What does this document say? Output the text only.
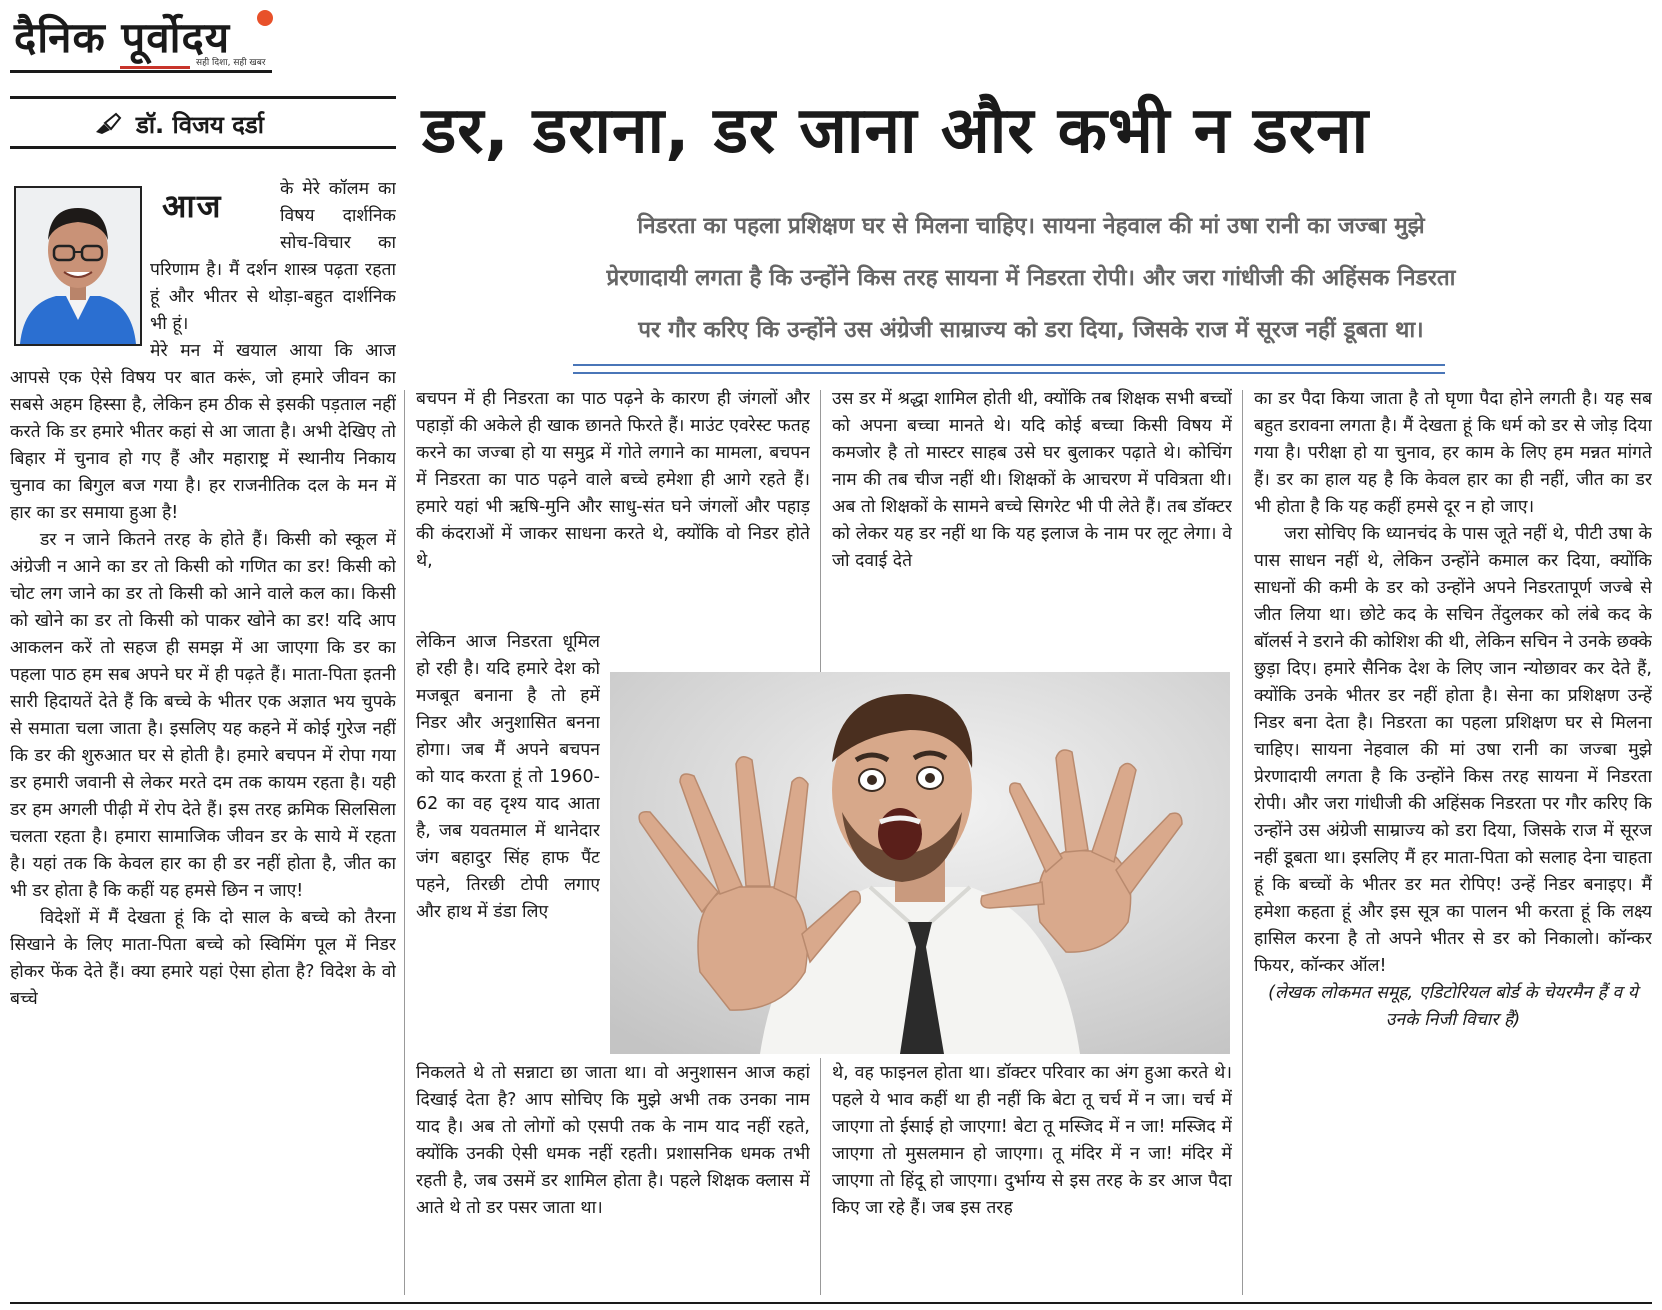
दैनिक पूर्वोदय
सही दिशा, सही खबर
डॉ. विजय दर्डा	डर, डराना, डर जाना और कभी न डरना
निडरता का पहला प्रशिक्षण घर से मिलना चाहिए। सायना नेहवाल की मां उषा रानी का जज्बा मुझे
प्रेरणादायी लगता है कि उन्होंने किस तरह सायना में निडरता रोपी। और जरा गांधीजी की अहिंसक निडरता
पर गौर करिए कि उन्होंने उस अंग्रेजी साम्राज्य को डरा दिया, जिसके राज में सूरज नहीं डूबता था।
आज	के मेरे कॉलम का विषय दार्शनिक सोच-विचार का परिणाम है। मैं दर्शन शास्त्र पढ़ता रहता हूं और भीतर से थोड़ा-बहुत दार्शनिक भी हूं।

मेरे मन में खयाल आया कि आज आपसे एक ऐसे विषय पर बात करूं, जो हमारे जीवन का सबसे अहम हिस्सा है, लेकिन हम ठीक से इसकी पड़ताल नहीं करते कि डर हमारे भीतर कहां से आ जाता है। अभी देखिए तो बिहार में चुनाव हो गए हैं और महाराष्ट्र में स्थानीय निकाय चुनाव का बिगुल बज गया है। हर राजनीतिक दल के मन में हार का डर समाया हुआ है!

डर न जाने कितने तरह के होते हैं। किसी को स्कूल में अंग्रेजी न आने का डर तो किसी को गणित का डर! किसी को चोट लग जाने का डर तो किसी को आने वाले कल का। किसी को खोने का डर तो किसी को पाकर खोने का डर! यदि आप आकलन करें तो सहज ही समझ में आ जाएगा कि डर का पहला पाठ हम सब अपने घर में ही पढ़ते हैं। माता-पिता इतनी सारी हिदायतें देते हैं कि बच्चे के भीतर एक अज्ञात भय चुपके से समाता चला जाता है। इसलिए यह कहने में कोई गुरेज नहीं कि डर की शुरुआत घर से होती है। हमारे बचपन में रोपा गया डर हमारी जवानी से लेकर मरते दम तक कायम रहता है। यही डर हम अगली पीढ़ी में रोप देते हैं। इस तरह क्रमिक सिलसिला चलता रहता है। हमारा सामाजिक जीवन डर के साये में रहता है। यहां तक कि केवल हार का ही डर नहीं होता है, जीत का भी डर होता है कि कहीं यह हमसे छिन न जाए!

विदेशों में मैं देखता हूं कि दो साल के बच्चे को तैरना सिखाने के लिए माता-पिता बच्चे को स्विमिंग पूल में निडर होकर फेंक देते हैं। क्या हमारे यहां ऐसा होता है? विदेश के वो बच्चे

बचपन में ही निडरता का पाठ पढ़ने के कारण ही जंगलों और पहाड़ों की अकेले ही खाक छानते फिरते हैं। माउंट एवरेस्ट फतह करने का जज्बा हो या समुद्र में गोते लगाने का मामला, बचपन में निडरता का पाठ पढ़ने वाले बच्चे हमेशा ही आगे रहते हैं। हमारे यहां भी ऋषि-मुनि और साधु-संत घने जंगलों और पहाड़ की कंदराओं में जाकर साधना करते थे, क्योंकि वो निडर होते थे,

लेकिन आज निडरता धूमिल हो रही है। यदि हमारे देश को मजबूत बनाना है तो हमें निडर और अनुशासित बनना होगा। जब मैं अपने बचपन को याद करता हूं तो 1960-62 का वह दृश्य याद आता है, जब यवतमाल में थानेदार जंग बहादुर सिंह हाफ पैंट पहने, तिरछी टोपी लगाए और हाथ में डंडा लिए

निकलते थे तो सन्नाटा छा जाता था। वो अनुशासन आज कहां दिखाई देता है? आप सोचिए कि मुझे अभी तक उनका नाम याद है। अब तो लोगों को एसपी तक के नाम याद नहीं रहते, क्योंकि उनकी ऐसी धमक नहीं रहती। प्रशासनिक धमक तभी रहती है, जब उसमें डर शामिल होता है। पहले शिक्षक क्लास में आते थे तो डर पसर जाता था।

उस डर में श्रद्धा शामिल होती थी, क्योंकि तब शिक्षक सभी बच्चों को अपना बच्चा मानते थे। यदि कोई बच्चा किसी विषय में कमजोर है तो मास्टर साहब उसे घर बुलाकर पढ़ाते थे। कोचिंग नाम की तब चीज नहीं थी। शिक्षकों के आचरण में पवित्रता थी। अब तो शिक्षकों के सामने बच्चे सिगरेट भी पी लेते हैं। तब डॉक्टर को लेकर यह डर नहीं था कि यह इलाज के नाम पर लूट लेगा। वे जो दवाई देते

थे, वह फाइनल होता था। डॉक्टर परिवार का अंग हुआ करते थे। पहले ये भाव कहीं था ही नहीं कि बेटा तू चर्च में न जा। चर्च में जाएगा तो ईसाई हो जाएगा! बेटा तू मस्जिद में न जा! मस्जिद में जाएगा तो मुसलमान हो जाएगा। तू मंदिर में न जा! मंदिर में जाएगा तो हिंदू हो जाएगा। दुर्भाग्य से इस तरह के डर आज पैदा किए जा रहे हैं। जब इस तरह

का डर पैदा किया जाता है तो घृणा पैदा होने लगती है। यह सब बहुत डरावना लगता है। मैं देखता हूं कि धर्म को डर से जोड़ दिया गया है। परीक्षा हो या चुनाव, हर काम के लिए हम मन्नत मांगते हैं। डर का हाल यह है कि केवल हार का ही नहीं, जीत का डर भी होता है कि यह कहीं हमसे दूर न हो जाए।

जरा सोचिए कि ध्यानचंद के पास जूते नहीं थे, पीटी उषा के पास साधन नहीं थे, लेकिन उन्होंने कमाल कर दिया, क्योंकि साधनों की कमी के डर को उन्होंने अपने निडरतापूर्ण जज्बे से जीत लिया था। छोटे कद के सचिन तेंदुलकर को लंबे कद के बॉलर्स ने डराने की कोशिश की थी, लेकिन सचिन ने उनके छक्के छुड़ा दिए। हमारे सैनिक देश के लिए जान न्योछावर कर देते हैं, क्योंकि उनके भीतर डर नहीं होता है। सेना का प्रशिक्षण उन्हें निडर बना देता है। निडरता का पहला प्रशिक्षण घर से मिलना चाहिए। सायना नेहवाल की मां उषा रानी का जज्बा मुझे प्रेरणादायी लगता है कि उन्होंने किस तरह सायना में निडरता रोपी। और जरा गांधीजी की अहिंसक निडरता पर गौर करिए कि उन्होंने उस अंग्रेजी साम्राज्य को डरा दिया, जिसके राज में सूरज नहीं डूबता था। इसलिए मैं हर माता-पिता को सलाह देना चाहता हूं कि बच्चों के भीतर डर मत रोपिए! उन्हें निडर बनाइए। मैं हमेशा कहता हूं और इस सूत्र का पालन भी करता हूं कि लक्ष्य हासिल करना है तो अपने भीतर से डर को निकालो। कॉन्कर फियर, कॉन्कर ऑल!

(लेखक लोकमत समूह, एडिटोरियल बोर्ड के चेयरमैन हैं व ये उनके निजी विचार हैं)
